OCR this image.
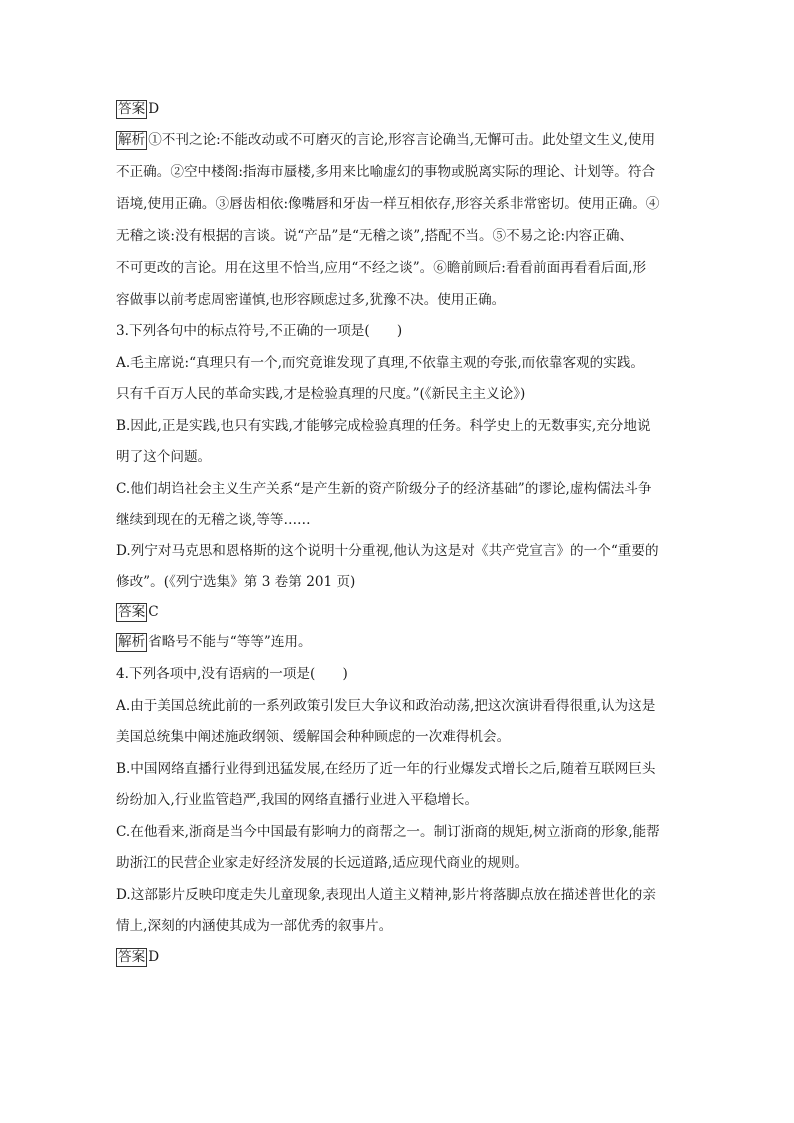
答案 D
解析 ①不刊之论:不能改动或不可磨灭的言论,形容言论确当,无懈可击。此处望文生义,使用
不正确。②空中楼阁:指海市蜃楼,多用来比喻虚幻的事物或脱离实际的理论、计划等。符合
语境,使用正确。③唇齿相依:像嘴唇和牙齿一样互相依存,形容关系非常密切。使用正确。④
无稽之谈:没有根据的言谈。说“产品”是“无稽之谈”,搭配不当。⑤不易之论:内容正确、
不可更改的言论。用在这里不恰当,应用“不经之谈”。⑥瞻前顾后:看看前面再看看后面,形
容做事以前考虑周密谨慎,也形容顾虑过多,犹豫不决。使用正确。
3.下列各句中的标点符号,不正确的一项是(　　)
A.毛主席说:“真理只有一个,而究竟谁发现了真理,不依靠主观的夸张,而依靠客观的实践。
只有千百万人民的革命实践,才是检验真理的尺度。”(《新民主主义论》)
B.因此,正是实践,也只有实践,才能够完成检验真理的任务。科学史上的无数事实,充分地说
明了这个问题。
C.他们胡诌社会主义生产关系“是产生新的资产阶级分子的经济基础”的谬论,虚构儒法斗争
继续到现在的无稽之谈,等等……
D.列宁对马克思和恩格斯的这个说明十分重视,他认为这是对《共产党宣言》的一个“重要的
修改”。(《列宁选集》第 3 卷第 201 页)
答案 C
解析 省略号不能与“等等”连用。
4.下列各项中,没有语病的一项是(　　)
A.由于美国总统此前的一系列政策引发巨大争议和政治动荡,把这次演讲看得很重,认为这是
美国总统集中阐述施政纲领、缓解国会种种顾虑的一次难得机会。
B.中国网络直播行业得到迅猛发展,在经历了近一年的行业爆发式增长之后,随着互联网巨头
纷纷加入,行业监管趋严,我国的网络直播行业进入平稳增长。
C.在他看来,浙商是当今中国最有影响力的商帮之一。制订浙商的规矩,树立浙商的形象,能帮
助浙江的民营企业家走好经济发展的长远道路,适应现代商业的规则。
D.这部影片反映印度走失儿童现象,表现出人道主义精神,影片将落脚点放在描述普世化的亲
情上,深刻的内涵使其成为一部优秀的叙事片。
答案 D
